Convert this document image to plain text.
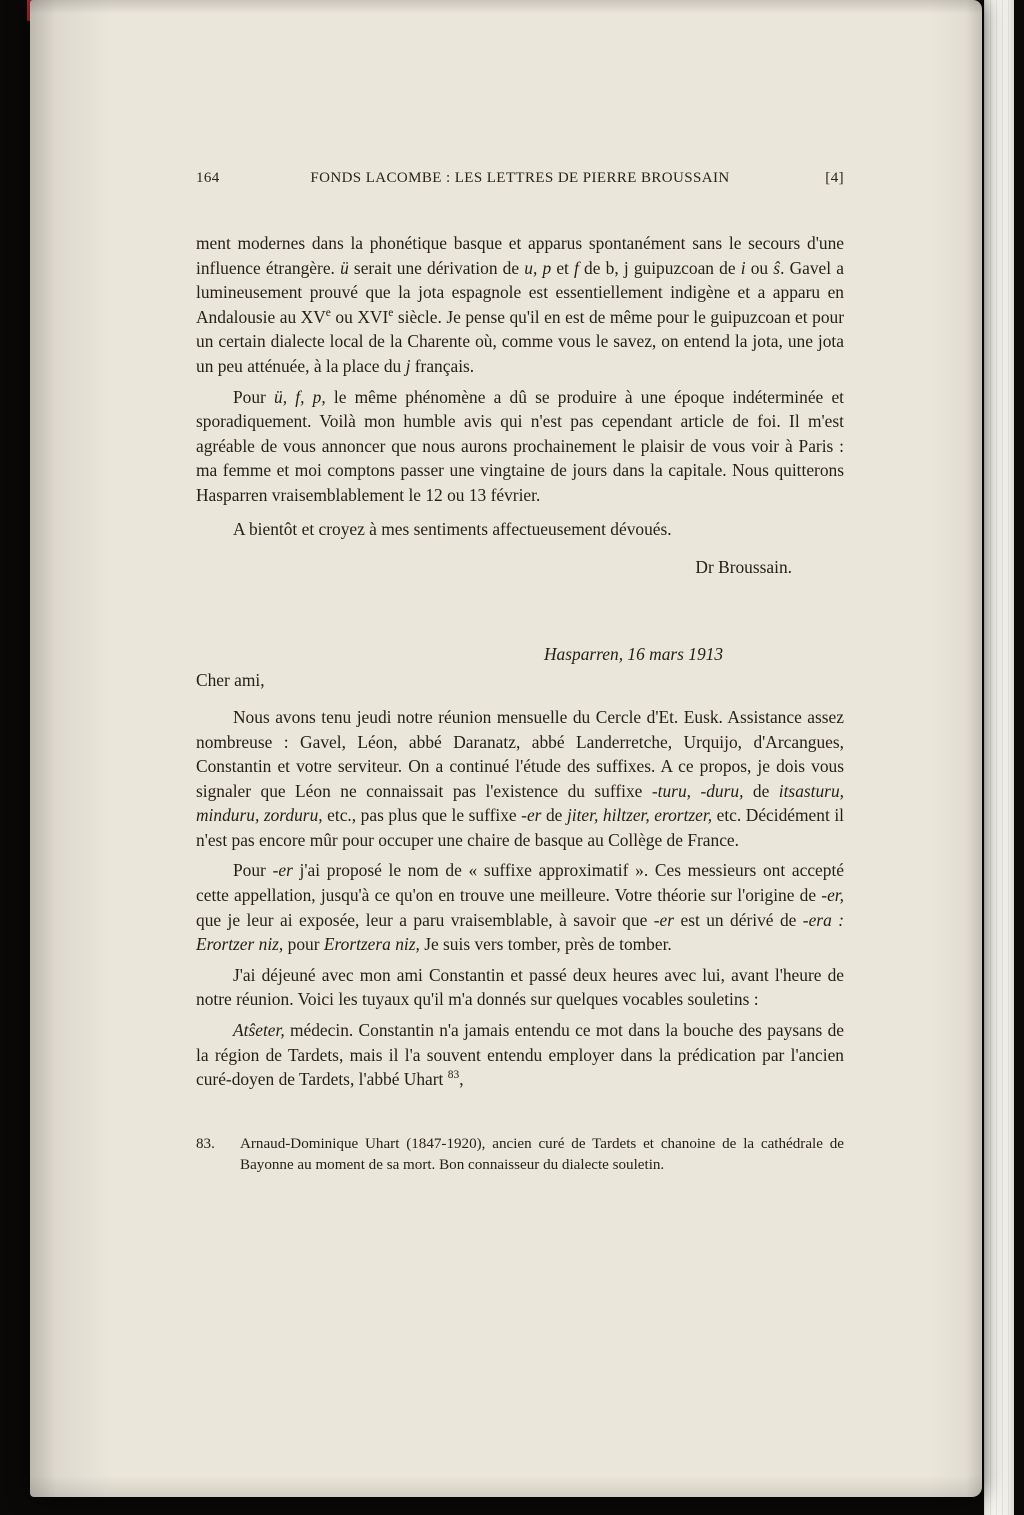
164	FONDS LACOMBE : LES LETTRES DE PIERRE BROUSSAIN	[4]
ment modernes dans la phonétique basque et apparus spontanément sans le secours d'une influence étrangère. ü serait une dérivation de u, p et f de b, j guipuzcoan de i ou ŝ. Gavel a lumineusement prouvé que la jota espagnole est essentiellement indigène et a apparu en Andalousie au XVe ou XVIe siècle. Je pense qu'il en est de même pour le guipuzcoan et pour un certain dialecte local de la Charente où, comme vous le savez, on entend la jota, une jota un peu atténuée, à la place du j français.
Pour ü, f, p, le même phénomène a dû se produire à une époque indéterminée et sporadiquement. Voilà mon humble avis qui n'est pas cependant article de foi. Il m'est agréable de vous annoncer que nous aurons prochainement le plaisir de vous voir à Paris : ma femme et moi comptons passer une vingtaine de jours dans la capitale. Nous quitterons Hasparren vraisemblablement le 12 ou 13 février.
A bientôt et croyez à mes sentiments affectueusement dévoués.
Dr Broussain.
Hasparren, 16 mars 1913
Cher ami,
Nous avons tenu jeudi notre réunion mensuelle du Cercle d'Et. Eusk. Assistance assez nombreuse : Gavel, Léon, abbé Daranatz, abbé Landerretche, Urquijo, d'Arcangues, Constantin et votre serviteur. On a continué l'étude des suffixes. A ce propos, je dois vous signaler que Léon ne connaissait pas l'existence du suffixe -turu, -duru, de itsasturu, minduru, zorduru, etc., pas plus que le suffixe -er de jiter, hiltzer, erortzer, etc. Décidément il n'est pas encore mûr pour occuper une chaire de basque au Collège de France.
Pour -er j'ai proposé le nom de « suffixe approximatif ». Ces messieurs ont accepté cette appellation, jusqu'à ce qu'on en trouve une meilleure. Votre théorie sur l'origine de -er, que je leur ai exposée, leur a paru vraisemblable, à savoir que -er est un dérivé de -era : Erortzer niz, pour Erortzera niz, Je suis vers tomber, près de tomber.
J'ai déjeuné avec mon ami Constantin et passé deux heures avec lui, avant l'heure de notre réunion. Voici les tuyaux qu'il m'a donnés sur quelques vocables souletins :
Atŝeter, médecin. Constantin n'a jamais entendu ce mot dans la bouche des paysans de la région de Tardets, mais il l'a souvent entendu employer dans la prédication par l'ancien curé-doyen de Tardets, l'abbé Uhart $^{83}$,
83. Arnaud-Dominique Uhart (1847-1920), ancien curé de Tardets et chanoine de la cathédrale de Bayonne au moment de sa mort. Bon connaisseur du dialecte souletin.
